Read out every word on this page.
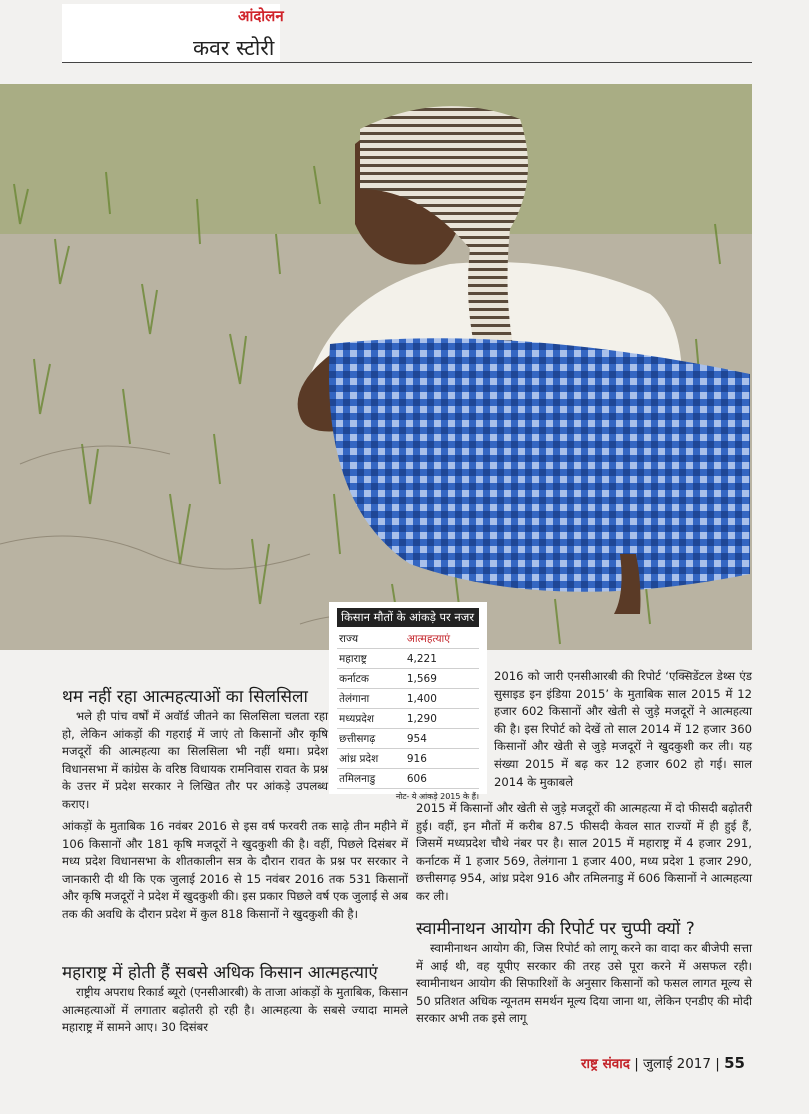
आंदोलन
कवर स्टोरी
किसान मौतों के आंकड़े पर नजर
राज्य	आत्महत्याएं
महाराष्ट्र	4,221
कर्नाटक	1,569
तेलंगाना	1,400
मध्यप्रदेश	1,290
छत्तीसगढ़	954
आंध्र प्रदेश	916
तमिलनाडु	606
नोट- ये आंकड़े 2015 के हैं।
थम नहीं रहा आत्महत्याओं का सिलसिला

भले ही पांच वर्षों में अवॉर्ड जीतने का सिलसिला चलता रहा हो, लेकिन आंकड़ों की गहराई में जाएं तो किसानों और कृषि मजदूरों की आत्महत्या का सिलसिला भी नहीं थमा। प्रदेश विधानसभा में कांग्रेस के वरिष्ठ विधायक रामनिवास रावत के प्रश्न के उत्तर में प्रदेश सरकार ने लिखित तौर पर आंकड़े उपलब्ध कराए।

आंकड़ों के मुताबिक 16 नवंबर 2016 से इस वर्ष फरवरी तक साढ़े तीन महीने में 106 किसानों और 181 कृषि मजदूरों ने खुदकुशी की है। वहीं, पिछले दिसंबर में मध्य प्रदेश विधानसभा के शीतकालीन सत्र के दौरान रावत के प्रश्न पर सरकार ने जानकारी दी थी कि एक जुलाई 2016 से 15 नवंबर 2016 तक 531 किसानों और कृषि मजदूरों ने प्रदेश में खुदकुशी की। इस प्रकार पिछले वर्ष एक जुलाई से अब तक की अवधि के दौरान प्रदेश में कुल 818 किसानों ने खुदकुशी की है।

महाराष्ट्र में होती हैं सबसे अधिक किसान आत्महत्याएं

राष्ट्रीय अपराध रिकार्ड ब्यूरो (एनसीआरबी) के ताजा आंकड़ों के मुताबिक, किसान आत्महत्याओं में लगातार बढ़ोतरी हो रही है। आत्महत्या के सबसे ज्यादा मामले महाराष्ट्र में सामने आए। 30 दिसंबर

2016 को जारी एनसीआरबी की रिपोर्ट ‘एक्सिडेंटल डेथ्स एंड सुसाइड इन इंडिया 2015’ के मुताबिक साल 2015 में 12 हजार 602 किसानों और खेती से जुड़े मजदूरों ने आत्महत्या की है। इस रिपोर्ट को देखें तो साल 2014 में 12 हजार 360 किसानों और खेती से जुड़े मजदूरों ने खुदकुशी कर ली। यह संख्या 2015 में बढ़ कर 12 हजार 602 हो गई। साल 2014 के मुकाबले

2015 में किसानों और खेती से जुड़े मजदूरों की आत्महत्या में दो फीसदी बढ़ोतरी हुई। वहीं, इन मौतों में करीब 87.5 फीसदी केवल सात राज्यों में ही हुई हैं, जिसमें मध्यप्रदेश चौथे नंबर पर है। साल 2015 में महाराष्ट्र में 4 हजार 291, कर्नाटक में 1 हजार 569, तेलंगाना 1 हजार 400, मध्य प्रदेश 1 हजार 290, छत्तीसगढ़ 954, आंध्र प्रदेश 916 और तमिलनाडु में 606 किसानों ने आत्महत्या कर ली।

स्वामीनाथन आयोग की रिपोर्ट पर चुप्पी क्यों ?

स्वामीनाथन आयोग की, जिस रिपोर्ट को लागू करने का वादा कर बीजेपी सत्ता में आई थी, वह यूपीए सरकार की तरह उसे पूरा करने में असफल रही। स्वामीनाथन आयोग की सिफारिशों के अनुसार किसानों को फसल लागत मूल्य से 50 प्रतिशत अधिक न्यूनतम समर्थन मूल्य दिया जाना था, लेकिन एनडीए की मोदी सरकार अभी तक इसे लागू

राष्ट्र संवाद | जुलाई 2017 | 55
